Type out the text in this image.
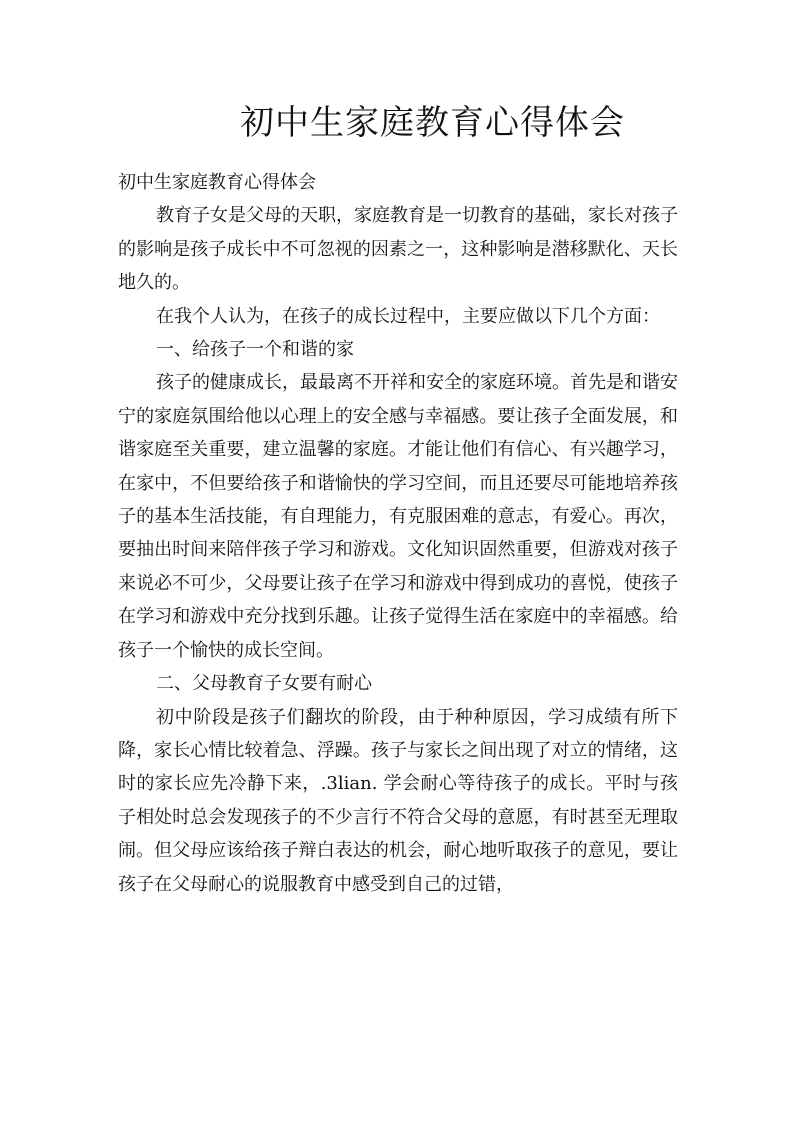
初中生家庭教育心得体会

初中生家庭教育心得体会

教育子女是父母的天职，家庭教育是一切教育的基础，家长对孩子的影响是孩子成长中不可忽视的因素之一，这种影响是潜移默化、天长地久的。

在我个人认为，在孩子的成长过程中，主要应做以下几个方面：

一、给孩子一个和谐的家

孩子的健康成长，最最离不开祥和安全的家庭环境。首先是和谐安宁的家庭氛围给他以心理上的安全感与幸福感。要让孩子全面发展，和谐家庭至关重要，建立温馨的家庭。才能让他们有信心、有兴趣学习，在家中，不但要给孩子和谐愉快的学习空间，而且还要尽可能地培养孩子的基本生活技能，有自理能力，有克服困难的意志，有爱心。再次，要抽出时间来陪伴孩子学习和游戏。文化知识固然重要，但游戏对孩子来说必不可少，父母要让孩子在学习和游戏中得到成功的喜悦，使孩子在学习和游戏中充分找到乐趣。让孩子觉得生活在家庭中的幸福感。给孩子一个愉快的成长空间。

二、父母教育子女要有耐心

初中阶段是孩子们翻坎的阶段，由于种种原因，学习成绩有所下降，家长心情比较着急、浮躁。孩子与家长之间出现了对立的情绪，这时的家长应先冷静下来，.3lian. 学会耐心等待孩子的成长。平时与孩子相处时总会发现孩子的不少言行不符合父母的意愿，有时甚至无理取闹。但父母应该给孩子辩白表达的机会，耐心地听取孩子的意见，要让孩子在父母耐心的说服教育中感受到自己的过错，
